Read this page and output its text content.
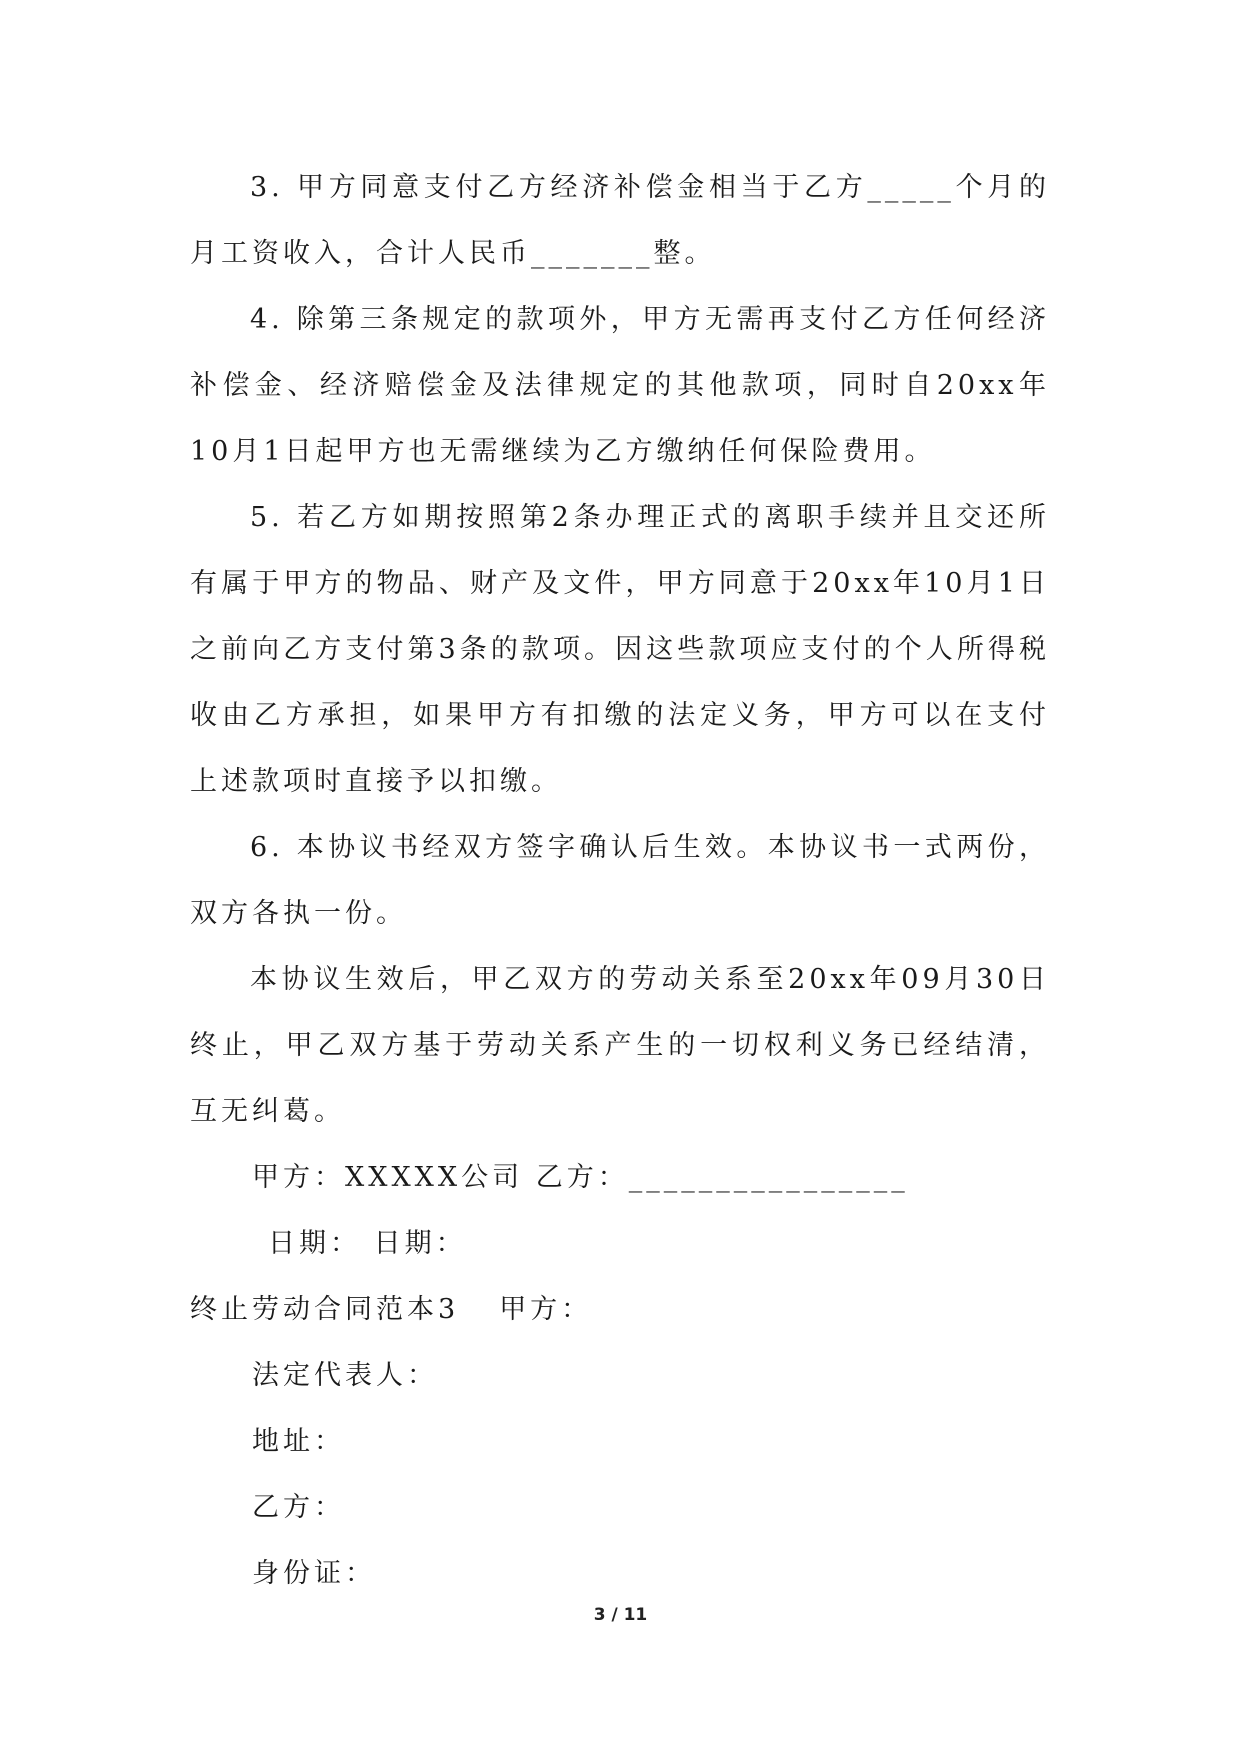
3. 甲方同意支付乙方经济补偿金相当于乙方_____个月的月工资收入，合计人民币_______整。

4. 除第三条规定的款项外，甲方无需再支付乙方任何经济补偿金、经济赔偿金及法律规定的其他款项，同时自20xx年10月1日起甲方也无需继续为乙方缴纳任何保险费用。

5. 若乙方如期按照第2条办理正式的离职手续并且交还所有属于甲方的物品、财产及文件，甲方同意于20xx年10月1日之前向乙方支付第3条的款项。因这些款项应支付的个人所得税收由乙方承担，如果甲方有扣缴的法定义务，甲方可以在支付上述款项时直接予以扣缴。

6. 本协议书经双方签字确认后生效。本协议书一式两份，双方各执一份。

本协议生效后，甲乙双方的劳动关系至20xx年09月30日终止，甲乙双方基于劳动关系产生的一切权利义务已经结清，互无纠葛。

甲方：XXXXX公司 乙方：________________

日期： 日期：

终止劳动合同范本3 甲方：

法定代表人：

地址：

乙方：

身份证：

3 / 11
